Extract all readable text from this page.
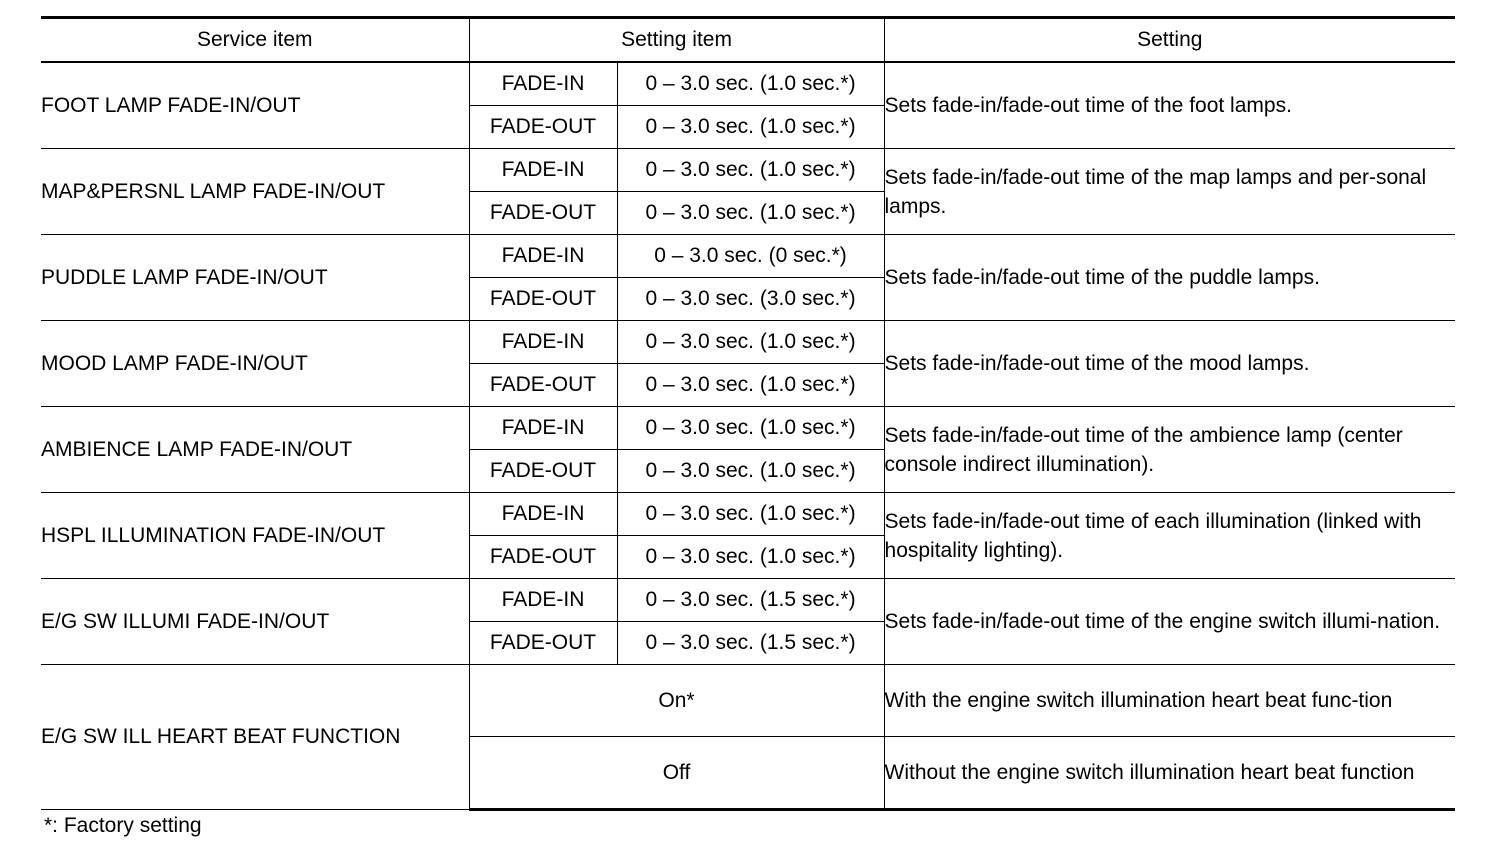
Service item	Setting item		Setting
FOOT LAMP FADE-IN/OUT	FADE-IN	0 – 3.0 sec. (1.0 sec.*)	Sets fade-in/fade-out time of the foot lamps.
	FADE-OUT	0 – 3.0 sec. (1.0 sec.*)	
MAP&PERSNL LAMP FADE-IN/OUT	FADE-IN	0 – 3.0 sec. (1.0 sec.*)	Sets fade-in/fade-out time of the map lamps and per-sonal lamps.
	FADE-OUT	0 – 3.0 sec. (1.0 sec.*)	
PUDDLE LAMP FADE-IN/OUT	FADE-IN	0 – 3.0 sec. (0 sec.*)	Sets fade-in/fade-out time of the puddle lamps.
	FADE-OUT	0 – 3.0 sec. (3.0 sec.*)	
MOOD LAMP FADE-IN/OUT	FADE-IN	0 – 3.0 sec. (1.0 sec.*)	Sets fade-in/fade-out time of the mood lamps.
	FADE-OUT	0 – 3.0 sec. (1.0 sec.*)	
AMBIENCE LAMP FADE-IN/OUT	FADE-IN	0 – 3.0 sec. (1.0 sec.*)	Sets fade-in/fade-out time of the ambience lamp (center console indirect illumination).
	FADE-OUT	0 – 3.0 sec. (1.0 sec.*)	
HSPL ILLUMINATION FADE-IN/OUT	FADE-IN	0 – 3.0 sec. (1.0 sec.*)	Sets fade-in/fade-out time of each illumination (linked with hospitality lighting).
	FADE-OUT	0 – 3.0 sec. (1.0 sec.*)	
E/G SW ILLUMI FADE-IN/OUT	FADE-IN	0 – 3.0 sec. (1.5 sec.*)	Sets fade-in/fade-out time of the engine switch illumi-nation.
	FADE-OUT	0 – 3.0 sec. (1.5 sec.*)	
E/G SW ILL HEART BEAT FUNCTION	On*		With the engine switch illumination heart beat func-tion
	Off		Without the engine switch illumination heart beat function
*: Factory setting
